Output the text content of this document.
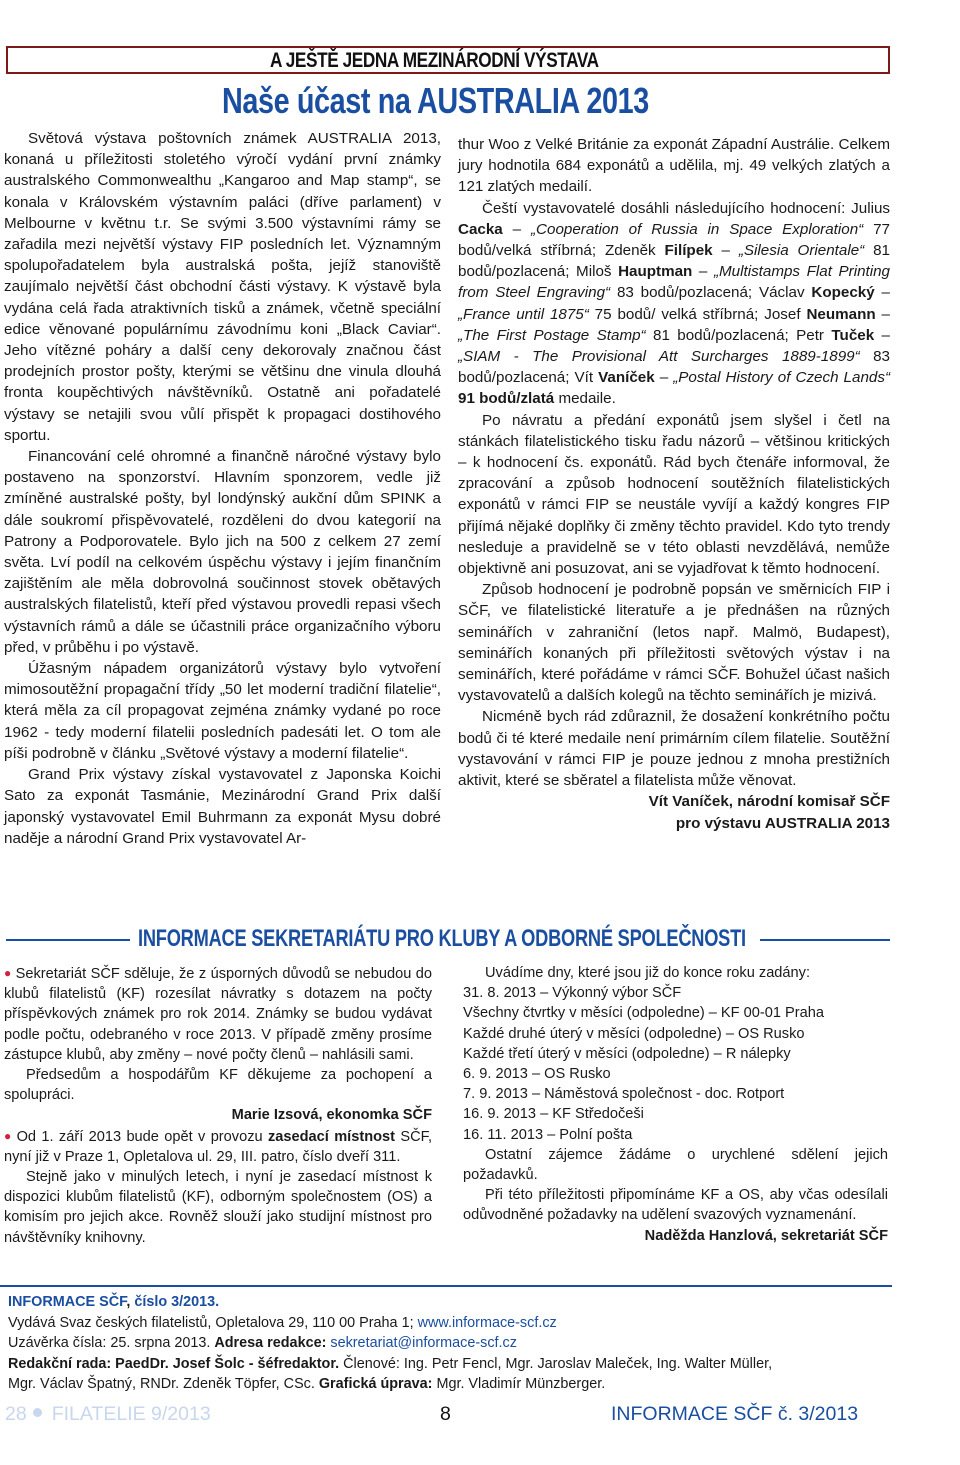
A JEŠTĚ JEDNA MEZINÁRODNÍ VÝSTAVA
Naše účast na AUSTRALIA 2013

Světová výstava poštovních známek AUSTRALIA 2013, konaná u příležitosti stoletého výročí vydání první známky australského Commonwealthu „Kangaroo and Map stamp“, se konala v Královském výstavním paláci (dříve parlament) v Melbourne v květnu t.r. Se svými 3.500 výstavními rámy se zařadila mezi největší výstavy FIP posledních let. Významným spolupořadatelem byla australská pošta, jejíž stanoviště zaujímalo největší část obchodní části výstavy. K výstavě byla vydána celá řada atraktivních tisků a známek, včetně speciální edice věnované populárnímu závodnímu koni „Black Caviar“. Jeho vítězné poháry a další ceny dekorovaly značnou část prodejních prostor pošty, kterými se většinu dne vinula dlouhá fronta koupěchtivých návštěvníků. Ostatně ani pořadatelé výstavy se netajili svou vůlí přispět k propagaci dostihového sportu.

Financování celé ohromné a finančně náročné výstavy bylo postaveno na sponzorství. Hlavním sponzorem, vedle již zmíněné australské pošty, byl londýnský aukční dům SPINK a dále soukromí přispěvovatelé, rozděleni do dvou kategorií na Patrony a Podporovatele. Bylo jich na 500 z celkem 27 zemí světa. Lví podíl na celkovém úspěchu výstavy i jejím finančním zajištěním ale měla dobrovolná součinnost stovek obětavých australských filatelistů, kteří před výstavou provedli repasi všech výstavních rámů a dále se účastnili práce organizačního výboru před, v průběhu i po výstavě.

Úžasným nápadem organizátorů výstavy bylo vytvoření mimosoutěžní propagační třídy „50 let moderní tradiční filatelie“, která měla za cíl propagovat zejména známky vydané po roce 1962 - tedy moderní filatelii posledních padesáti let. O tom ale píši podrobně v článku „Světové výstavy a moderní filatelie“.

Grand Prix výstavy získal vystavovatel z Japonska Koichi Sato za exponát Tasmánie, Mezinárodní Grand Prix další japonský vystavovatel Emil Buhrmann za exponát Mysu dobré naděje a národní Grand Prix vystavovatel Ar-

thur Woo z Velké Británie za exponát Západní Austrálie. Celkem jury hodnotila 684 exponátů a udělila, mj. 49 velkých zlatých a 121 zlatých medailí.

Čeští vystavovatelé dosáhli následujícího hodnocení: Julius Cacka – „Cooperation of Russia in Space Exploration“ 77 bodů/velká stříbrná; Zdeněk Filípek – „Silesia Orientale“ 81 bodů/pozlacená; Miloš Hauptman – „Multistamps Flat Printing from Steel Engraving“ 83 bodů/pozlacená; Václav Kopecký – „France until 1875“ 75 bodů/ velká stříbrná; Josef Neumann – „The First Postage Stamp“ 81 bodů/pozlacená; Petr Tuček – „SIAM - The Provisional Att Surcharges 1889-1899“ 83 bodů/pozlacená; Vít Vaníček – „Postal History of Czech Lands“ 91 bodů/zlatá medaile.

Po návratu a předání exponátů jsem slyšel i četl na stánkách filatelistického tisku řadu názorů – většinou kritických – k hodnocení čs. exponátů. Rád bych čtenáře informoval, že zpracování a způsob hodnocení soutěžních filatelistických exponátů v rámci FIP se neustále vyvíjí a každý kongres FIP přijímá nějaké doplňky či změny těchto pravidel. Kdo tyto trendy nesleduje a pravidelně se v této oblasti nevzdělává, nemůže objektivně ani posuzovat, ani se vyjadřovat k těmto hodnocení.

Způsob hodnocení je podrobně popsán ve směrnicích FIP i SČF, ve filatelistické literatuře a je přednášen na různých seminářích v zahraniční (letos např. Malmö, Budapest), seminářích konaných při příležitosti světových výstav i na seminářích, které pořádáme v rámci SČF. Bohužel účast našich vystavovatelů a dalších kolegů na těchto seminářích je mizivá.

Nicméně bych rád zdůraznil, že dosažení konkrétního počtu bodů či té které medaile není primárním cílem filatelie. Soutěžní vystavování v rámci FIP je pouze jednou z mnoha prestižních aktivit, které se sběratel a filatelista může věnovat.

Vít Vaníček, národní komisař SČF

pro výstavu AUSTRALIA 2013

INFORMACE SEKRETARIÁTU PRO KLUBY A ODBORNÉ SPOLEČNOSTI

● Sekretariát SČF sděluje, že z úsporných důvodů se nebudou do klubů filatelistů (KF) rozesílat návratky s dotazem na počty příspěvkových známek pro rok 2014. Známky se budou vydávat podle počtu, odebraného v roce 2013. V případě změny prosíme zástupce klubů, aby změny – nové počty členů – nahlásili sami.

Předsedům a hospodářům KF děkujeme za pochopení a spolupráci.

Marie Izsová, ekonomka SČF

● Od 1. září 2013 bude opět v provozu zasedací místnost SČF, nyní již v Praze 1, Opletalova ul. 29, III. patro, číslo dveří 311.

Stejně jako v minulých letech, i nyní je zasedací místnost k dispozici klubům filatelistů (KF), odborným společnostem (OS) a komisím pro jejich akce. Rovněž slouží jako studijní místnost pro návštěvníky knihovny.

Uvádíme dny, které jsou již do konce roku zadány:

31. 8. 2013 – Výkonný výbor SČF

Všechny čtvrtky v měsíci (odpoledne) – KF 00-01 Praha

Každé druhé úterý v měsíci (odpoledne) – OS Rusko

Každé třetí úterý v měsíci (odpoledne) – R nálepky

6. 9. 2013 – OS Rusko

7. 9. 2013 – Náměstová společnost - doc. Rotport

16. 9. 2013 – KF Středočeši

16. 11. 2013 – Polní pošta

Ostatní zájemce žádáme o urychlené sdělení jejich požadavků.

Při této příležitosti připomínáme KF a OS, aby včas odesílali odůvodněné požadavky na udělení svazových vyznamenání.

Naděžda Hanzlová, sekretariát SČF

INFORMACE SČF, číslo 3/2013.

Vydává Svaz českých filatelistů, Opletalova 29, 110 00 Praha 1; www.informace-scf.cz

Uzávěrka čísla: 25. srpna 2013. Adresa redakce: sekretariat@informace-scf.cz

Redakční rada: PaedDr. Josef Šolc - šéfredaktor. Členové: Ing. Petr Fencl, Mgr. Jaroslav Maleček, Ing. Walter Müller,

Mgr. Václav Špatný, RNDr. Zdeněk Töpfer, CSc. Grafická úprava: Mgr. Vladimír Münzberger.

28 FILATELIE 9/2013	8	INFORMACE SČF č. 3/2013
